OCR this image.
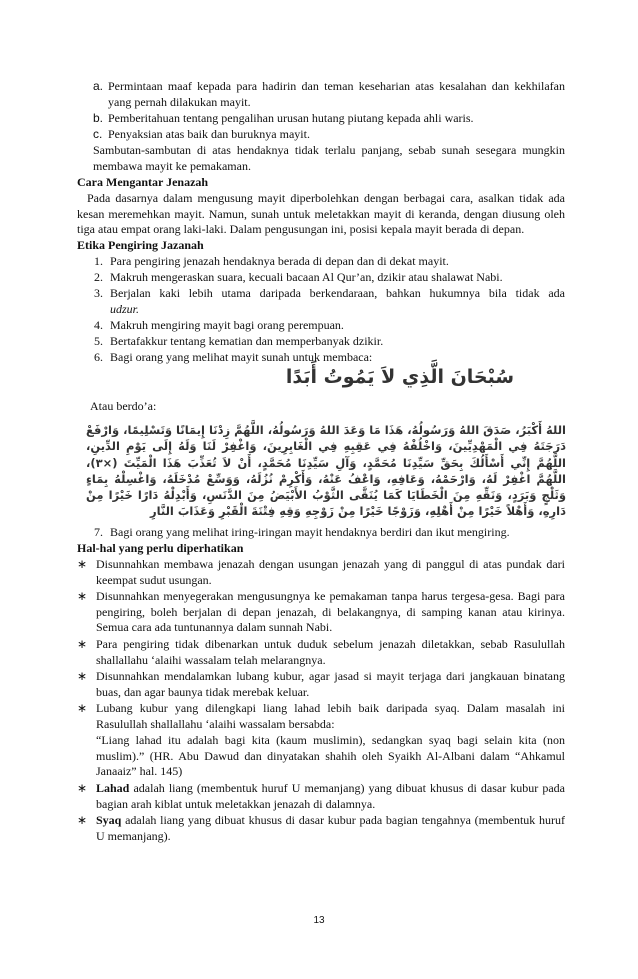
a. Permintaan maaf kepada para hadirin dan teman keseharian atas kesalahan dan kekhilafan yang pernah dilakukan mayit.
b. Pemberitahuan tentang pengalihan urusan hutang piutang kepada ahli waris.
c. Penyaksian atas baik dan buruknya mayit.
Sambutan-sambutan di atas hendaknya tidak terlalu panjang, sebab sunah sesegara mungkin membawa mayit ke pemakaman.
Cara Mengantar Jenazah
Pada dasarnya dalam mengusung mayit diperbolehkan dengan berbagai cara, asalkan tidak ada kesan meremehkan mayit. Namun, sunah untuk meletakkan mayit di keranda, dengan diusung oleh tiga atau empat orang laki-laki. Dalam pengusungan ini, posisi kepala mayit berada di depan.
Etika Pengiring Jazanah
1. Para pengiring jenazah hendaknya berada di depan dan di dekat mayit.
2. Makruh mengeraskan suara, kecuali bacaan Al Qur’an, dzikir atau shalawat Nabi.
3. Berjalan kaki lebih utama daripada berkendaraan, bahkan hukumnya bila tidak ada
udzur.
4. Makruh mengiring mayit bagi orang perempuan.
5. Bertafakkur tentang kematian dan memperbanyak dzikir.
6. Bagi orang yang melihat mayit sunah untuk membaca:
سُبْحَانَ الَّذِي لاَ يَمُوتُ أَبَدًا
Atau berdo’a:
اللهُ أَكْبَرُ، صَدَقَ اللهُ وَرَسُولُهُ، هَذَا مَا وَعَدَ اللهُ وَرَسُولُهُ، اللَّهُمَّ زِدْنَا إِيمَانًا وَتَسْلِيمًا، وَارْفَعْ دَرَجَتَهُ فِي الْمَهْدِيِّينَ، وَاخْلُفْهُ فِي عَقِبِهِ فِي الْغَابِرِينَ، وَاغْفِرْ لَنَا وَلَهُ إِلَى يَوْمِ الدِّينِ، اللَّهُمَّ إِنِّي أَسْأَلُكَ بِحَقِّ سَيِّدِنَا مُحَمَّدٍ، وَآلِ سَيِّدِنَا مُحَمَّدٍ، أَنْ لاَ تُعَذِّبَ هَذَا الْمَيِّتَ (×٣)، اللَّهُمَّ اغْفِرْ لَهُ، وَارْحَمْهُ، وَعَافِهِ، وَاعْفُ عَنْهُ، وَأَكْرِمْ نُزُلَهُ، وَوَسِّعْ مُدْخَلَهُ، وَاغْسِلْهُ بِمَاءٍ وَثَلْجٍ وَبَرَدٍ، وَنَقِّهِ مِنَ الْخَطَايَا كَمَا يُنَقَّى الثَّوْبُ الأَبْيَضُ مِنَ الدَّنَسِ، وَأَبْدِلْهُ دَارًا خَيْرًا مِنْ دَارِهِ، وَأَهْلاً خَيْرًا مِنْ أَهْلِهِ، وَزَوْجًا خَيْرًا مِنْ زَوْجِهِ وَقِهِ فِتْنَةَ الْقَبْرِ وَعَذَابَ النَّارِ
7. Bagi orang yang melihat iring-iringan mayit hendaknya berdiri dan ikut mengiring.
Hal-hal yang perlu diperhatikan
∗ Disunnahkan membawa jenazah dengan usungan jenazah yang di panggul di atas pundak dari keempat sudut usungan.
∗ Disunnahkan menyegerakan mengusungnya ke pemakaman tanpa harus tergesa-gesa. Bagi para pengiring, boleh berjalan di depan jenazah, di belakangnya, di samping kanan atau kirinya. Semua cara ada tuntunannya dalam sunnah Nabi.
∗ Para pengiring tidak dibenarkan untuk duduk sebelum jenazah diletakkan, sebab Rasulullah shallallahu ‘alaihi wassalam telah melarangnya.
∗ Disunnahkan mendalamkan lubang kubur, agar jasad si mayit terjaga dari jangkauan binatang buas, dan agar baunya tidak merebak keluar.
∗ Lubang kubur yang dilengkapi liang lahad lebih baik daripada syaq. Dalam masalah ini Rasulullah shallallahu ‘alaihi wassalam bersabda:
“Liang lahad itu adalah bagi kita (kaum muslimin), sedangkan syaq bagi selain kita (non muslim).” (HR. Abu Dawud dan dinyatakan shahih oleh Syaikh Al-Albani dalam “Ahkamul Janaaiz” hal. 145)
∗ Lahad adalah liang (membentuk huruf U memanjang) yang dibuat khusus di dasar kubur pada bagian arah kiblat untuk meletakkan jenazah di dalamnya.
∗ Syaq adalah liang yang dibuat khusus di dasar kubur pada bagian tengahnya (membentuk huruf U memanjang).
13
